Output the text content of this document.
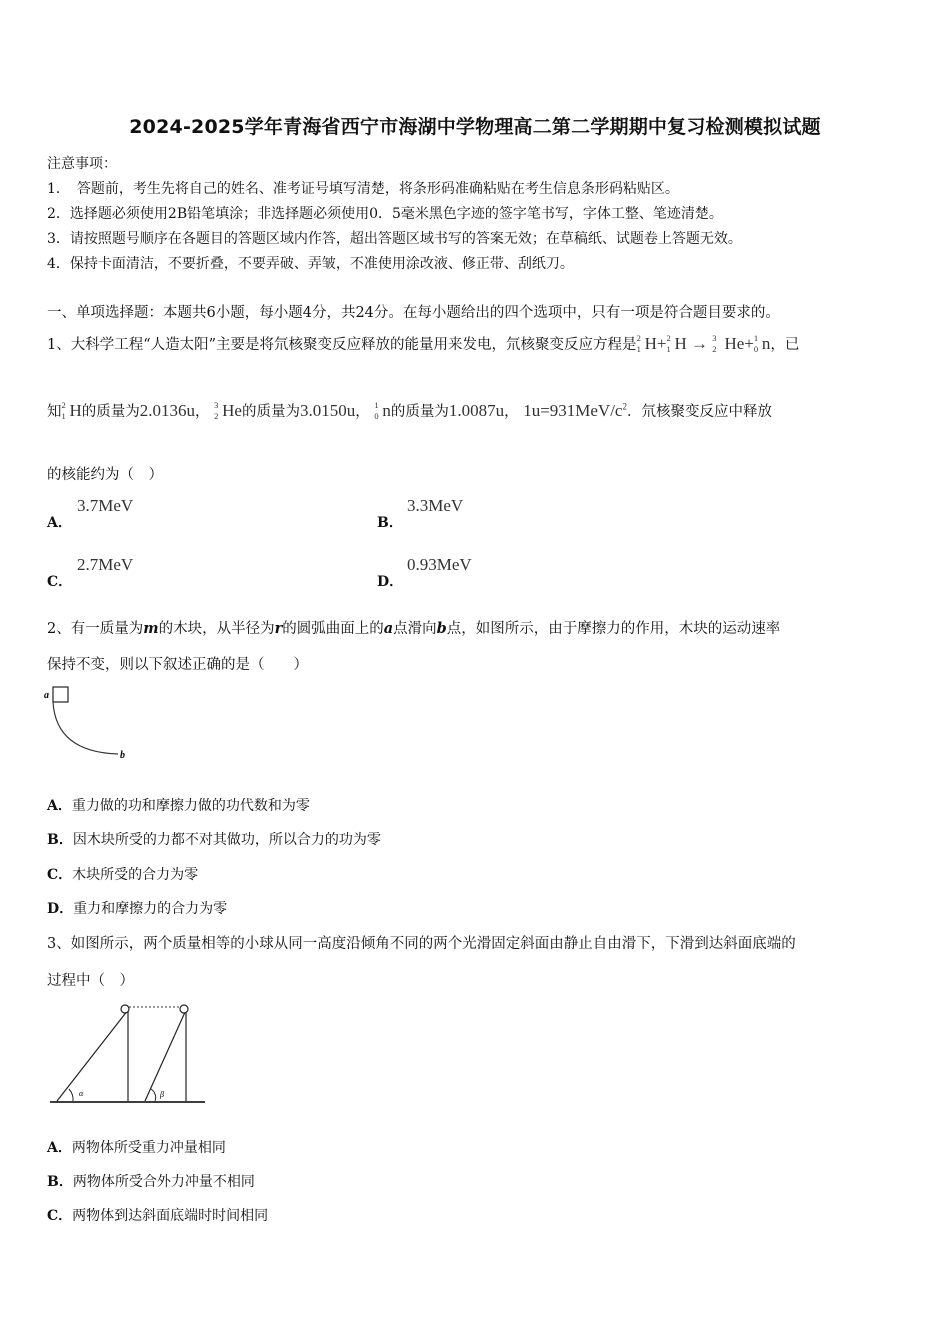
2024-2025学年青海省西宁市海湖中学物理高二第二学期期中复习检测模拟试题
注意事项：
1．　答题前，考生先将自己的姓名、准考证号填写清楚，将条形码准确粘贴在考生信息条形码粘贴区。
2．选择题必须使用2B铅笔填涂；非选择题必须使用0．5毫米黑色字迹的签字笔书写，字体工整、笔迹清楚。
3．请按照题号顺序在各题目的答题区域内作答，超出答题区域书写的答案无效；在草稿纸、试题卷上答题无效。
4．保持卡面清洁，不要折叠，不要弄破、弄皱，不准使用涂改液、修正带、刮纸刀。
一、单项选择题：本题共6小题，每小题4分，共24分。在每小题给出的四个选项中，只有一项是符合题目要求的。
1、大科学工程“人造太阳”主要是将氘核聚变反应释放的能量用来发电，氘核聚变反应方程是 2
1 H+ 2
1 H → 3
2 He+ 1
0 n，已
知 2
1 H的质量为2.0136u， 3
2 He的质量为3.0150u， 1
0 n的质量为1.0087u， $1u=931MeV/c^2$．氘核聚变反应中释放
的核能约为（　）
3.7MeV
A．
3.3MeV
B．
2.7MeV
C．
0.93MeV
D．
2、有一质量为m的木块，从半径为r的圆弧曲面上的a点滑向b点，如图所示，由于摩擦力的作用，木块的运动速率
保持不变，则以下叙述正确的是（　　）
a
b
A．重力做的功和摩擦力做的功代数和为零
B．因木块所受的力都不对其做功，所以合力的功为零
C．木块所受的合力为零
D．重力和摩擦力的合力为零
3、如图所示，两个质量相等的小球从同一高度沿倾角不同的两个光滑固定斜面由静止自由滑下，下滑到达斜面底端的
过程中（　）
α	β
A．两物体所受重力冲量相同
B．两物体所受合外力冲量不相同
C．两物体到达斜面底端时时间相同
